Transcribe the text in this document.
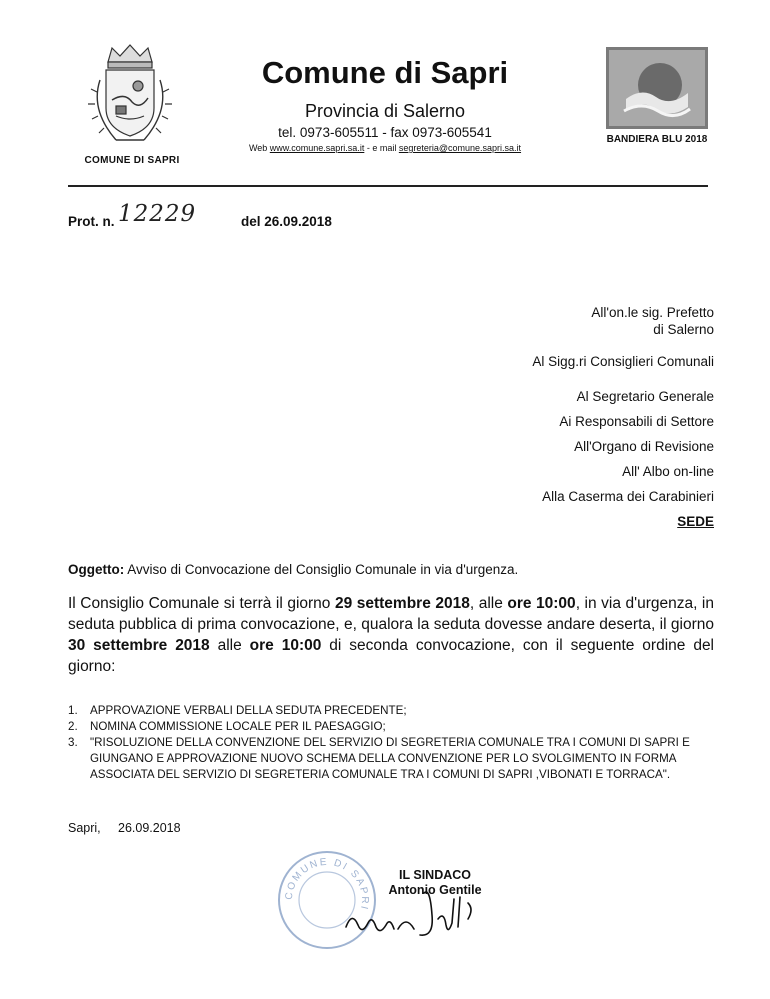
COMUNE DI SAPRI
Comune di Sapri
Provincia di Salerno
tel. 0973-605511 - fax 0973-605541
Web www.comune.sapri.sa.it - e mail segreteria@comune.sapri.sa.it
BANDIERA BLU 2018
Prot. n. 12229	del 26.09.2018
All'on.le sig. Prefetto
di Salerno
Al Sigg.ri Consiglieri Comunali
Al Segretario Generale
Ai Responsabili di Settore
All'Organo di Revisione
All' Albo on-line
Alla Caserma dei Carabinieri
SEDE
Oggetto: Avviso di Convocazione del Consiglio Comunale in via d'urgenza.
Il Consiglio Comunale si terrà il giorno 29 settembre 2018, alle ore 10:00, in via d'urgenza, in seduta pubblica di prima convocazione, e, qualora la seduta dovesse andare deserta, il giorno 30 settembre 2018 alle ore 10:00 di seconda convocazione, con il seguente ordine del giorno:
1. APPROVAZIONE VERBALI DELLA SEDUTA PRECEDENTE;
2. NOMINA COMMISSIONE LOCALE PER IL PAESAGGIO;
3. "RISOLUZIONE DELLA CONVENZIONE DEL SERVIZIO DI SEGRETERIA COMUNALE TRA I COMUNI DI SAPRI E GIUNGANO E APPROVAZIONE NUOVO SCHEMA DELLA CONVENZIONE PER LO SVOLGIMENTO IN FORMA ASSOCIATA DEL SERVIZIO DI SEGRETERIA COMUNALE TRA I COMUNI DI SAPRI ,VIBONATI E TORRACA".
Sapri,     26.09.2018
COMUNE DI SAPRI
IL SINDACO
Antonio Gentile
